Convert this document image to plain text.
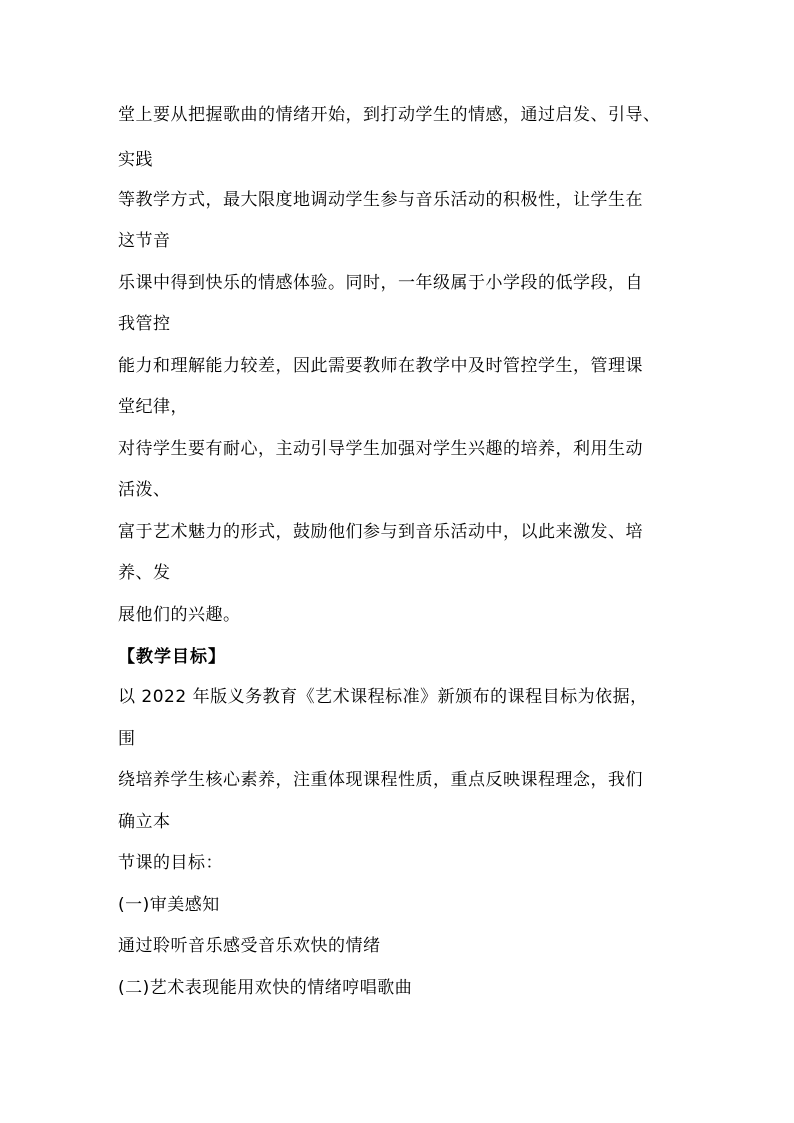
堂上要从把握歌曲的情绪开始，到打动学生的情感，通过启发、引导、
实践
等教学方式，最大限度地调动学生参与音乐活动的积极性，让学生在
这节音
乐课中得到快乐的情感体验。同时，一年级属于小学段的低学段，自
我管控
能力和理解能力较差，因此需要教师在教学中及时管控学生，管理课
堂纪律，
对待学生要有耐心，主动引导学生加强对学生兴趣的培养，利用生动
活泼、
富于艺术魅力的形式，鼓励他们参与到音乐活动中，以此来激发、培
养、发
展他们的兴趣。
【教学目标】
以 2022 年版义务教育《艺术课程标准》新颁布的课程目标为依据，
围
绕培养学生核心素养，注重体现课程性质，重点反映课程理念，我们
确立本
节课的目标：
(一)审美感知
通过聆听音乐感受音乐欢快的情绪
(二)艺术表现能用欢快的情绪哼唱歌曲
